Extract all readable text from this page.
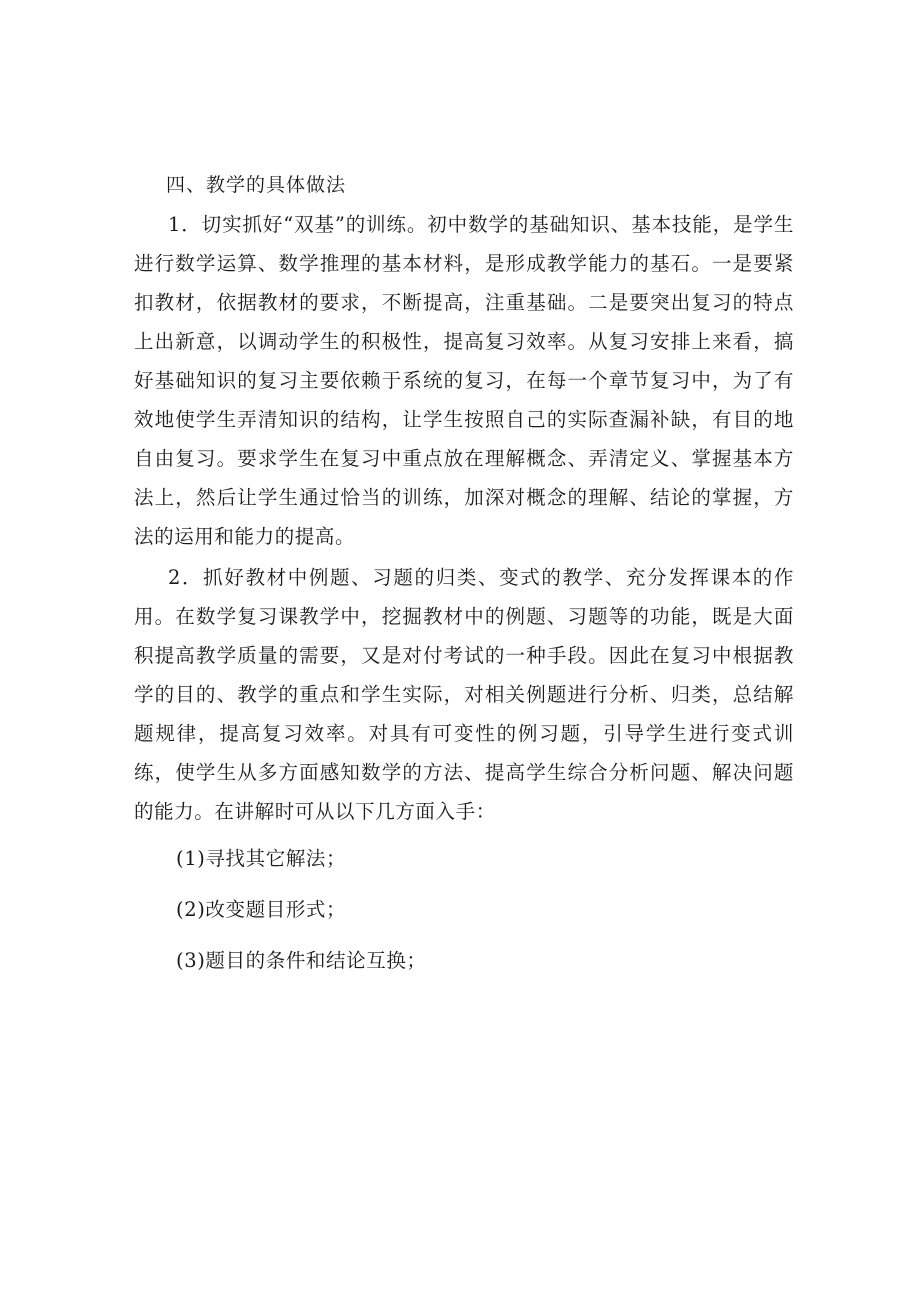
四、教学的具体做法

1．切实抓好“双基”的训练。初中数学的基础知识、基本技能，是学生进行数学运算、数学推理的基本材料，是形成教学能力的基石。一是要紧扣教材，依据教材的要求，不断提高，注重基础。二是要突出复习的特点上出新意，以调动学生的积极性，提高复习效率。从复习安排上来看，搞好基础知识的复习主要依赖于系统的复习，在每一个章节复习中，为了有效地使学生弄清知识的结构，让学生按照自己的实际查漏补缺，有目的地自由复习。要求学生在复习中重点放在理解概念、弄清定义、掌握基本方法上，然后让学生通过恰当的训练，加深对概念的理解、结论的掌握，方法的运用和能力的提高。

2．抓好教材中例题、习题的归类、变式的教学、充分发挥课本的作用。在数学复习课教学中，挖掘教材中的例题、习题等的功能，既是大面积提高教学质量的需要，又是对付考试的一种手段。因此在复习中根据教学的目的、教学的重点和学生实际，对相关例题进行分析、归类，总结解题规律，提高复习效率。对具有可变性的例习题，引导学生进行变式训练，使学生从多方面感知数学的方法、提高学生综合分析问题、解决问题的能力。在讲解时可从以下几方面入手：

(1)寻找其它解法；
(2)改变题目形式；
(3)题目的条件和结论互换；
